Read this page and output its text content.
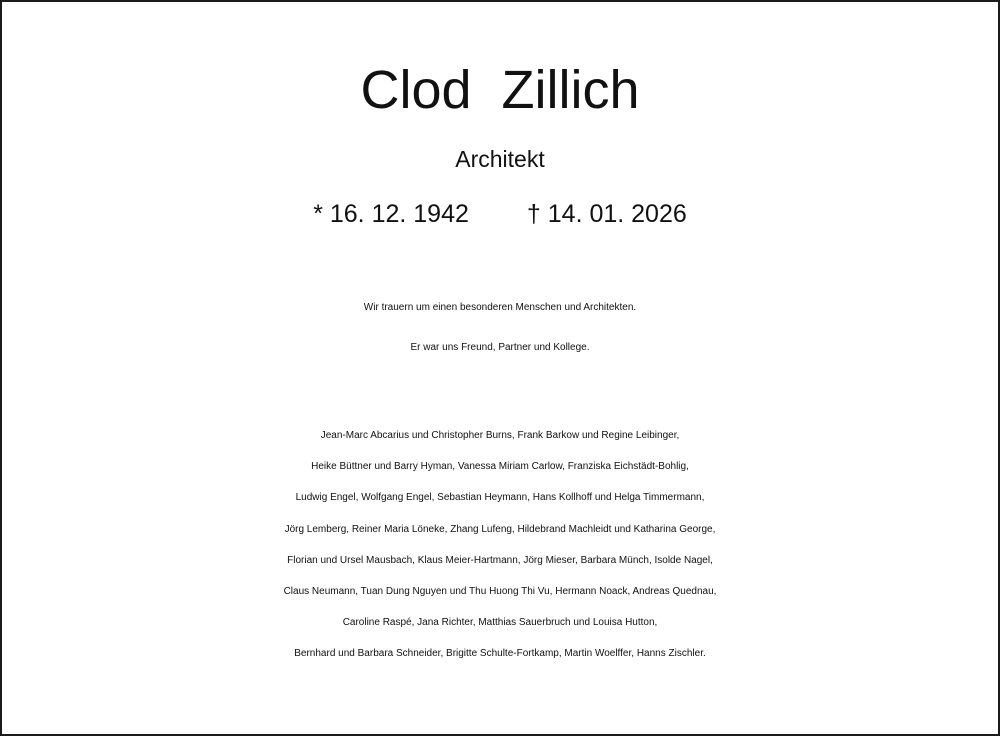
Clod  Zillich
Architekt
* 16. 12. 1942 † 14. 01. 2026
Wir trauern um einen besonderen Menschen und Architekten.
Er war uns Freund, Partner und Kollege.
Jean-Marc Abcarius und Christopher Burns, Frank Barkow und Regine Leibinger,
Heike Büttner und Barry Hyman, Vanessa Miriam Carlow, Franziska Eichstädt-Bohlig,
Ludwig Engel, Wolfgang Engel, Sebastian Heymann, Hans Kollhoff und Helga Timmermann,
Jörg Lemberg, Reiner Maria Löneke, Zhang Lufeng, Hildebrand Machleidt und Katharina George,
Florian und Ursel Mausbach, Klaus Meier-Hartmann, Jörg Mieser, Barbara Münch, Isolde Nagel,
Claus Neumann, Tuan Dung Nguyen und Thu Huong Thi Vu, Hermann Noack, Andreas Quednau,
Caroline Raspé, Jana Richter, Matthias Sauerbruch und Louisa Hutton,
Bernhard und Barbara Schneider, Brigitte Schulte-Fortkamp, Martin Woelffer, Hanns Zischler.
